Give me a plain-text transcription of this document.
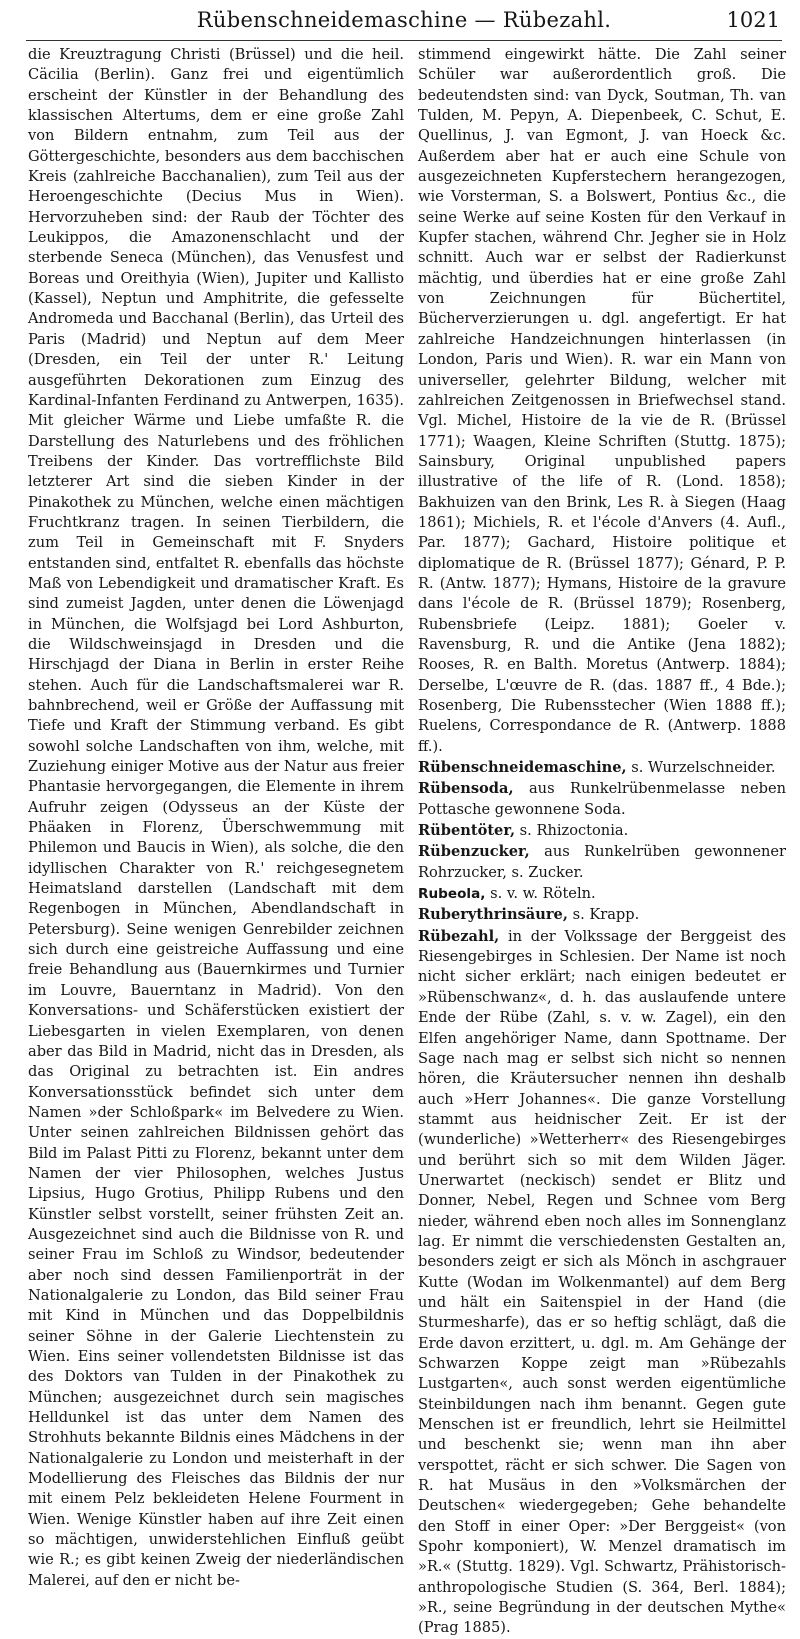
Rübenschneidemaschine — Rübezahl.	1021

die Kreuztragung Christi (Brüssel) und die heil. Cäcilia (Berlin). Ganz frei und eigentümlich erscheint der Künstler in der Behandlung des klassischen Altertums, dem er eine große Zahl von Bildern entnahm, zum Teil aus der Göttergeschichte, besonders aus dem bacchischen Kreis (zahlreiche Bacchanalien), zum Teil aus der Heroengeschichte (Decius Mus in Wien). Hervorzuheben sind: der Raub der Töchter des Leukippos, die Amazonenschlacht und der sterbende Seneca (München), das Venusfest und Boreas und Oreithyia (Wien), Jupiter und Kallisto (Kassel), Neptun und Amphitrite, die gefesselte Andromeda und Bacchanal (Berlin), das Urteil des Paris (Madrid) und Neptun auf dem Meer (Dresden, ein Teil der unter R.' Leitung ausgeführten Dekorationen zum Einzug des Kardinal-Infanten Ferdinand zu Antwerpen, 1635). Mit gleicher Wärme und Liebe umfaßte R. die Darstellung des Naturlebens und des fröhlichen Treibens der Kinder. Das vortrefflichste Bild letzterer Art sind die sieben Kinder in der Pinakothek zu München, welche einen mächtigen Fruchtkranz tragen. In seinen Tierbildern, die zum Teil in Gemeinschaft mit F. Snyders entstanden sind, entfaltet R. ebenfalls das höchste Maß von Lebendigkeit und dramatischer Kraft. Es sind zumeist Jagden, unter denen die Löwenjagd in München, die Wolfsjagd bei Lord Ashburton, die Wildschweinsjagd in Dresden und die Hirschjagd der Diana in Berlin in erster Reihe stehen. Auch für die Landschaftsmalerei war R. bahnbrechend, weil er Größe der Auffassung mit Tiefe und Kraft der Stimmung verband. Es gibt sowohl solche Landschaften von ihm, welche, mit Zuziehung einiger Motive aus der Natur aus freier Phantasie hervorgegangen, die Elemente in ihrem Aufruhr zeigen (Odysseus an der Küste der Phäaken in Florenz, Überschwemmung mit Philemon und Baucis in Wien), als solche, die den idyllischen Charakter von R.' reichgesegnetem Heimatsland darstellen (Landschaft mit dem Regenbogen in München, Abendlandschaft in Petersburg). Seine wenigen Genrebilder zeichnen sich durch eine geistreiche Auffassung und eine freie Behandlung aus (Bauernkirmes und Turnier im Louvre, Bauerntanz in Madrid). Von den Konversations- und Schäferstücken existiert der Liebesgarten in vielen Exemplaren, von denen aber das Bild in Madrid, nicht das in Dresden, als das Original zu betrachten ist. Ein andres Konversationsstück befindet sich unter dem Namen »der Schloßpark« im Belvedere zu Wien. Unter seinen zahlreichen Bildnissen gehört das Bild im Palast Pitti zu Florenz, bekannt unter dem Namen der vier Philosophen, welches Justus Lipsius, Hugo Grotius, Philipp Rubens und den Künstler selbst vorstellt, seiner frühsten Zeit an. Ausgezeichnet sind auch die Bildnisse von R. und seiner Frau im Schloß zu Windsor, bedeutender aber noch sind dessen Familienporträt in der Nationalgalerie zu London, das Bild seiner Frau mit Kind in München und das Doppelbildnis seiner Söhne in der Galerie Liechtenstein zu Wien. Eins seiner vollendetsten Bildnisse ist das des Doktors van Tulden in der Pinakothek zu München; ausgezeichnet durch sein magisches Helldunkel ist das unter dem Namen des Strohhuts bekannte Bildnis eines Mädchens in der Nationalgalerie zu London und meisterhaft in der Modellierung des Fleisches das Bildnis der nur mit einem Pelz bekleideten Helene Fourment in Wien. Wenige Künstler haben auf ihre Zeit einen so mächtigen, unwiderstehlichen Einfluß geübt wie R.; es gibt keinen Zweig der niederländischen Malerei, auf den er nicht be-

stimmend eingewirkt hätte. Die Zahl seiner Schüler war außerordentlich groß. Die bedeutendsten sind: van Dyck, Soutman, Th. van Tulden, M. Pepyn, A. Diepenbeek, C. Schut, E. Quellinus, J. van Egmont, J. van Hoeck &c. Außerdem aber hat er auch eine Schule von ausgezeichneten Kupferstechern herangezogen, wie Vorsterman, S. a Bolswert, Pontius &c., die seine Werke auf seine Kosten für den Verkauf in Kupfer stachen, während Chr. Jegher sie in Holz schnitt. Auch war er selbst der Radierkunst mächtig, und überdies hat er eine große Zahl von Zeichnungen für Büchertitel, Bücherverzierungen u. dgl. angefertigt. Er hat zahlreiche Handzeichnungen hinterlassen (in London, Paris und Wien). R. war ein Mann von universeller, gelehrter Bildung, welcher mit zahlreichen Zeitgenossen in Briefwechsel stand. Vgl. Michel, Histoire de la vie de R. (Brüssel 1771); Waagen, Kleine Schriften (Stuttg. 1875); Sainsbury, Original unpublished papers illustrative of the life of R. (Lond. 1858); Bakhuizen van den Brink, Les R. à Siegen (Haag 1861); Michiels, R. et l'école d'Anvers (4. Aufl., Par. 1877); Gachard, Histoire politique et diplomatique de R. (Brüssel 1877); Génard, P. P. R. (Antw. 1877); Hymans, Histoire de la gravure dans l'école de R. (Brüssel 1879); Rosenberg, Rubensbriefe (Leipz. 1881); Goeler v. Ravensburg, R. und die Antike (Jena 1882); Rooses, R. en Balth. Moretus (Antwerp. 1884); Derselbe, L'œuvre de R. (das. 1887 ff., 4 Bde.); Rosenberg, Die Rubensstecher (Wien 1888 ff.); Ruelens, Correspondance de R. (Antwerp. 1888 ff.).

Rübenschneidemaschine, s. Wurzelschneider.

Rübensoda, aus Runkelrübenmelasse neben Pottasche gewonnene Soda.

Rübentöter, s. Rhizoctonia.

Rübenzucker, aus Runkelrüben gewonnener Rohrzucker, s. Zucker.

Rubeola, s. v. w. Röteln.

Ruberythrinsäure, s. Krapp.

Rübezahl, in der Volkssage der Berggeist des Riesengebirges in Schlesien. Der Name ist noch nicht sicher erklärt; nach einigen bedeutet er »Rübenschwanz«, d. h. das auslaufende untere Ende der Rübe (Zahl, s. v. w. Zagel), ein den Elfen angehöriger Name, dann Spottname. Der Sage nach mag er selbst sich nicht so nennen hören, die Kräutersucher nennen ihn deshalb auch »Herr Johannes«. Die ganze Vorstellung stammt aus heidnischer Zeit. Er ist der (wunderliche) »Wetterherr« des Riesengebirges und berührt sich so mit dem Wilden Jäger. Unerwartet (neckisch) sendet er Blitz und Donner, Nebel, Regen und Schnee vom Berg nieder, während eben noch alles im Sonnenglanz lag. Er nimmt die verschiedensten Gestalten an, besonders zeigt er sich als Mönch in aschgrauer Kutte (Wodan im Wolkenmantel) auf dem Berg und hält ein Saitenspiel in der Hand (die Sturmesharfe), das er so heftig schlägt, daß die Erde davon erzittert, u. dgl. m. Am Gehänge der Schwarzen Koppe zeigt man »Rübezahls Lustgarten«, auch sonst werden eigentümliche Steinbildungen nach ihm benannt. Gegen gute Menschen ist er freundlich, lehrt sie Heilmittel und beschenkt sie; wenn man ihn aber verspottet, rächt er sich schwer. Die Sagen von R. hat Musäus in den »Volksmärchen der Deutschen« wiedergegeben; Gehe behandelte den Stoff in einer Oper: »Der Berggeist« (von Spohr komponiert), W. Menzel dramatisch im »R.« (Stuttg. 1829). Vgl. Schwartz, Prähistorisch-anthropologische Studien (S. 364, Berl. 1884); »R., seine Begründung in der deutschen Mythe« (Prag 1885).
